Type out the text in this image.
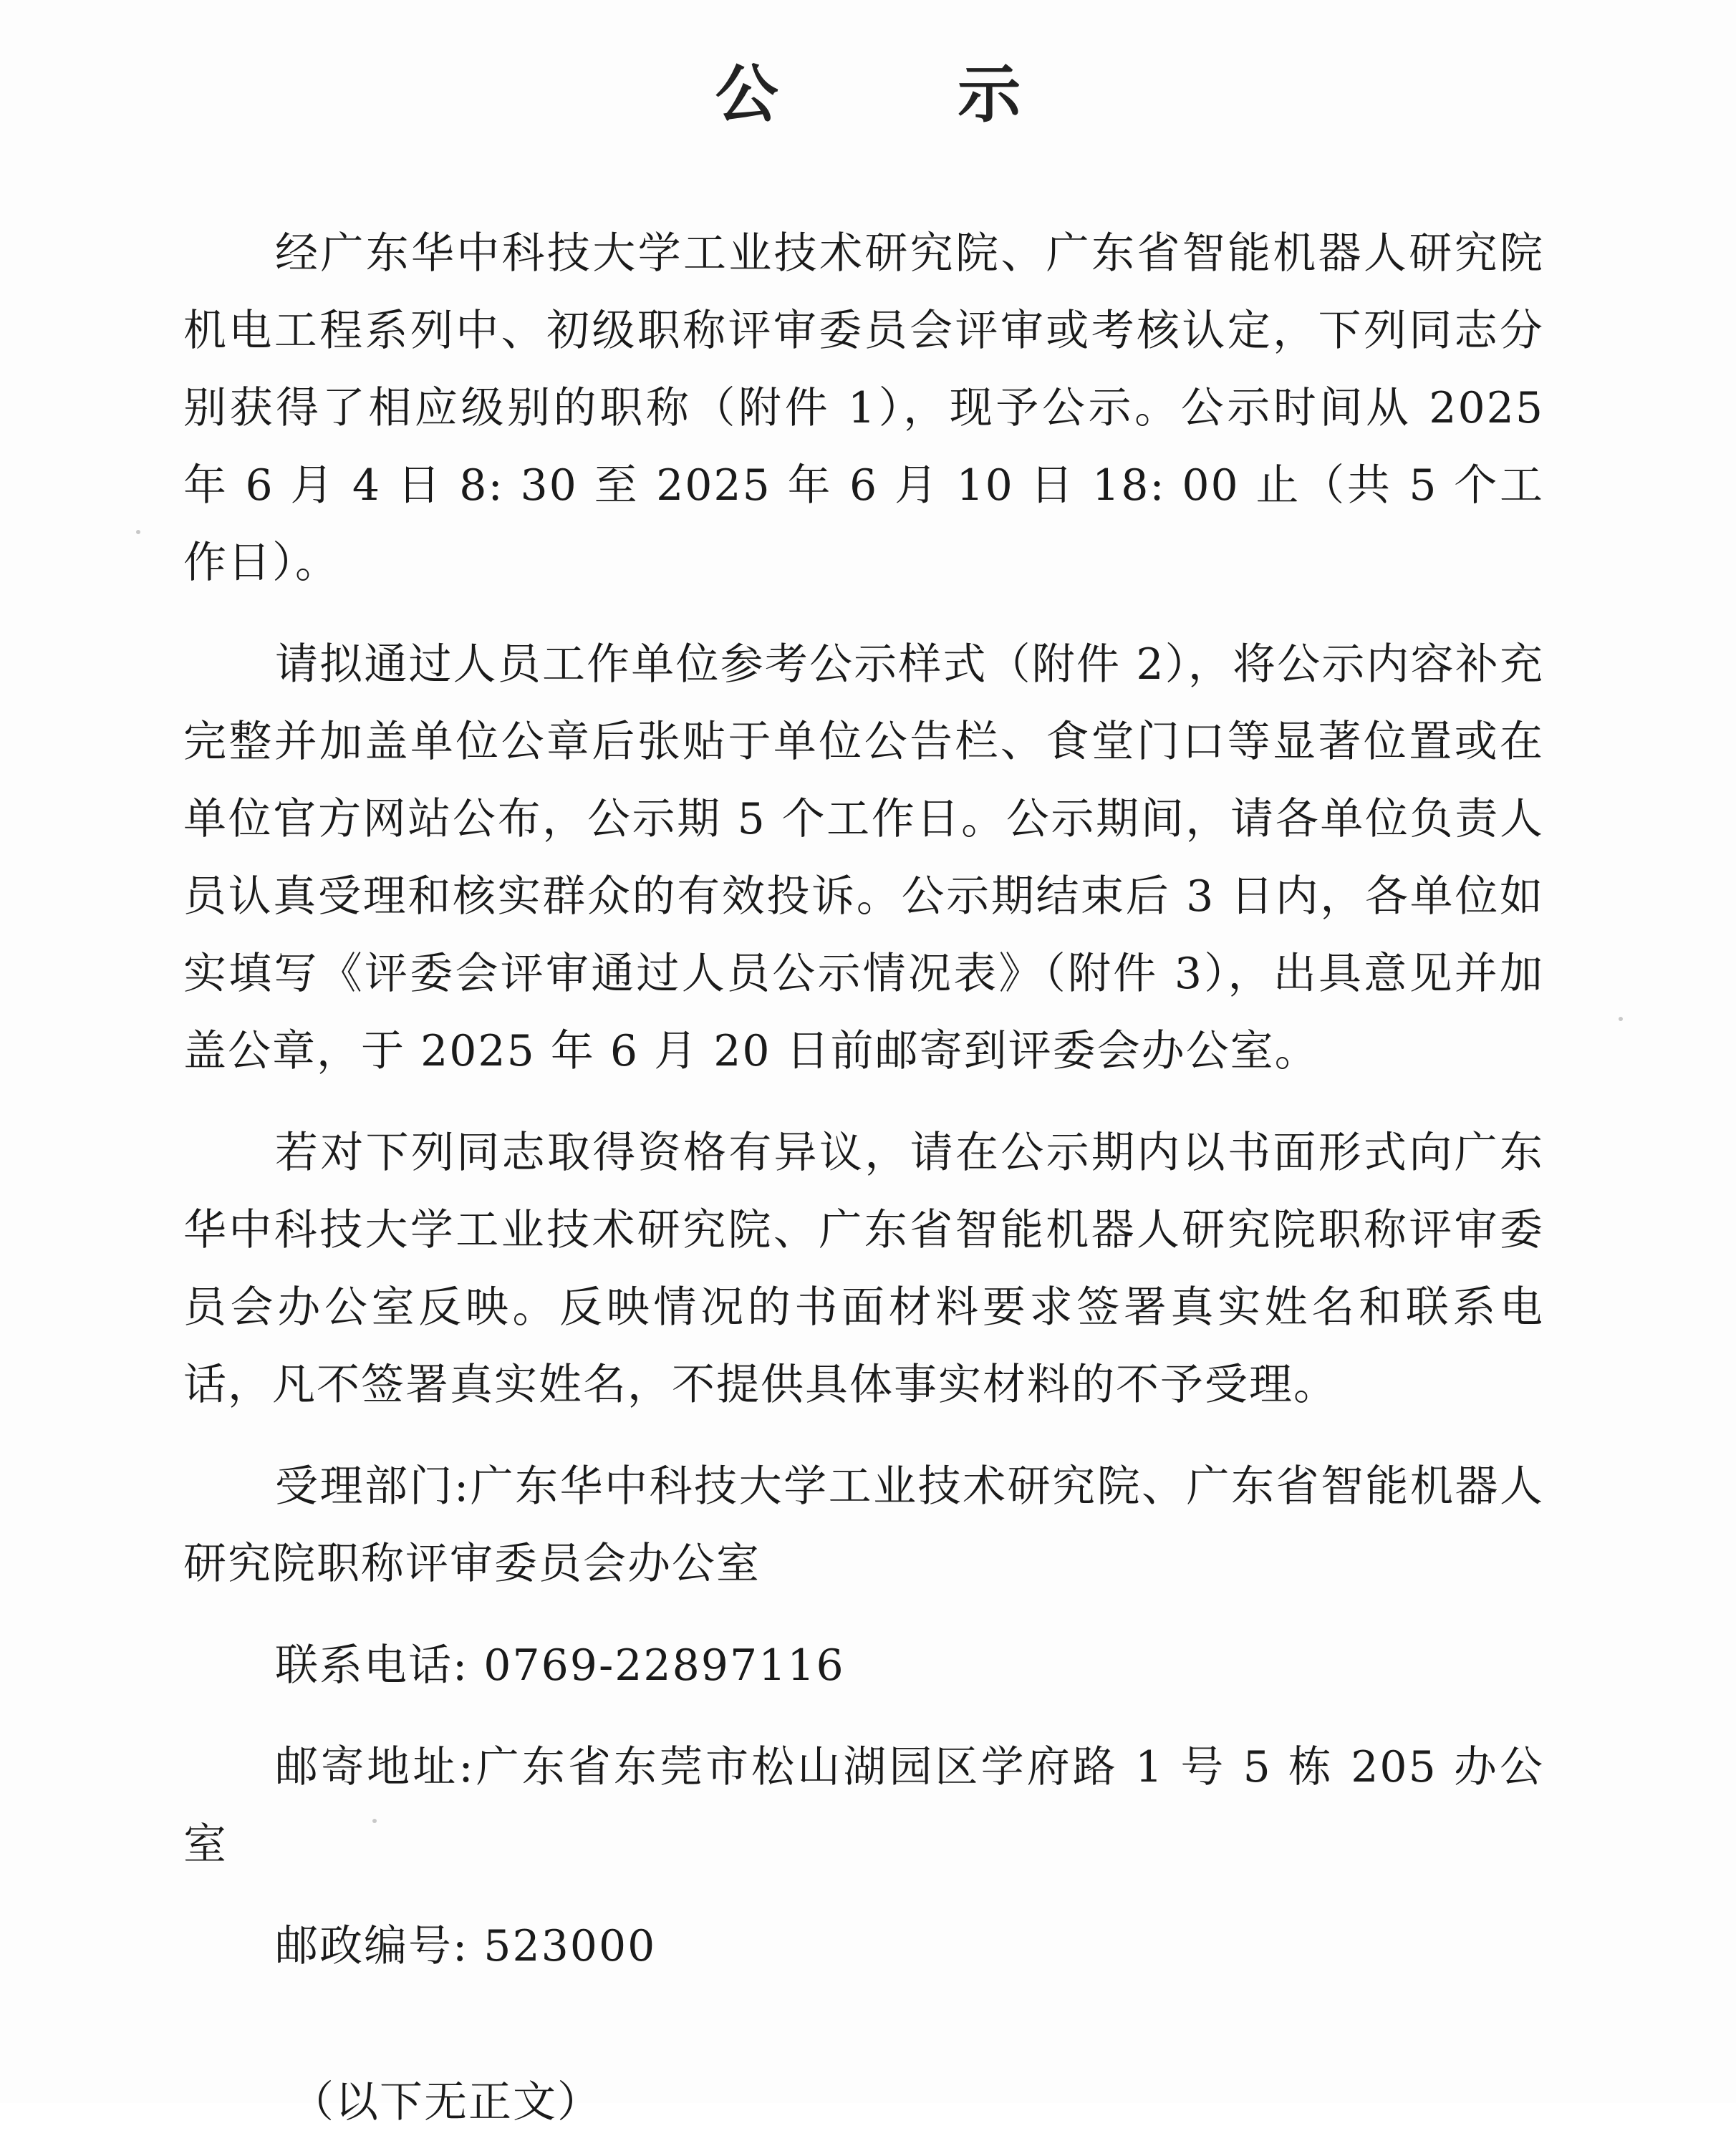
公 示

经广东华中科技大学工业技术研究院、广东省智能机器人研究院机电工程系列中、初级职称评审委员会评审或考核认定，下列同志分别获得了相应级别的职称（附件 1），现予公示。公示时间从 2025 年 6 月 4 日 8: 30 至 2025 年 6 月 10 日 18: 00 止（共 5 个工作日）。

请拟通过人员工作单位参考公示样式（附件 2），将公示内容补充完整并加盖单位公章后张贴于单位公告栏、食堂门口等显著位置或在单位官方网站公布，公示期 5 个工作日。公示期间，请各单位负责人员认真受理和核实群众的有效投诉。公示期结束后 3 日内，各单位如实填写《评委会评审通过人员公示情况表》（附件 3），出具意见并加盖公章，于 2025 年 6 月 20 日前邮寄到评委会办公室。

若对下列同志取得资格有异议，请在公示期内以书面形式向广东华中科技大学工业技术研究院、广东省智能机器人研究院职称评审委员会办公室反映。反映情况的书面材料要求签署真实姓名和联系电话，凡不签署真实姓名，不提供具体事实材料的不予受理。

受理部门:广东华中科技大学工业技术研究院、广东省智能机器人研究院职称评审委员会办公室

联系电话: 0769-22897116

邮寄地址:广东省东莞市松山湖园区学府路 1 号 5 栋 205 办公室

邮政编号: 523000

（以下无正文）
